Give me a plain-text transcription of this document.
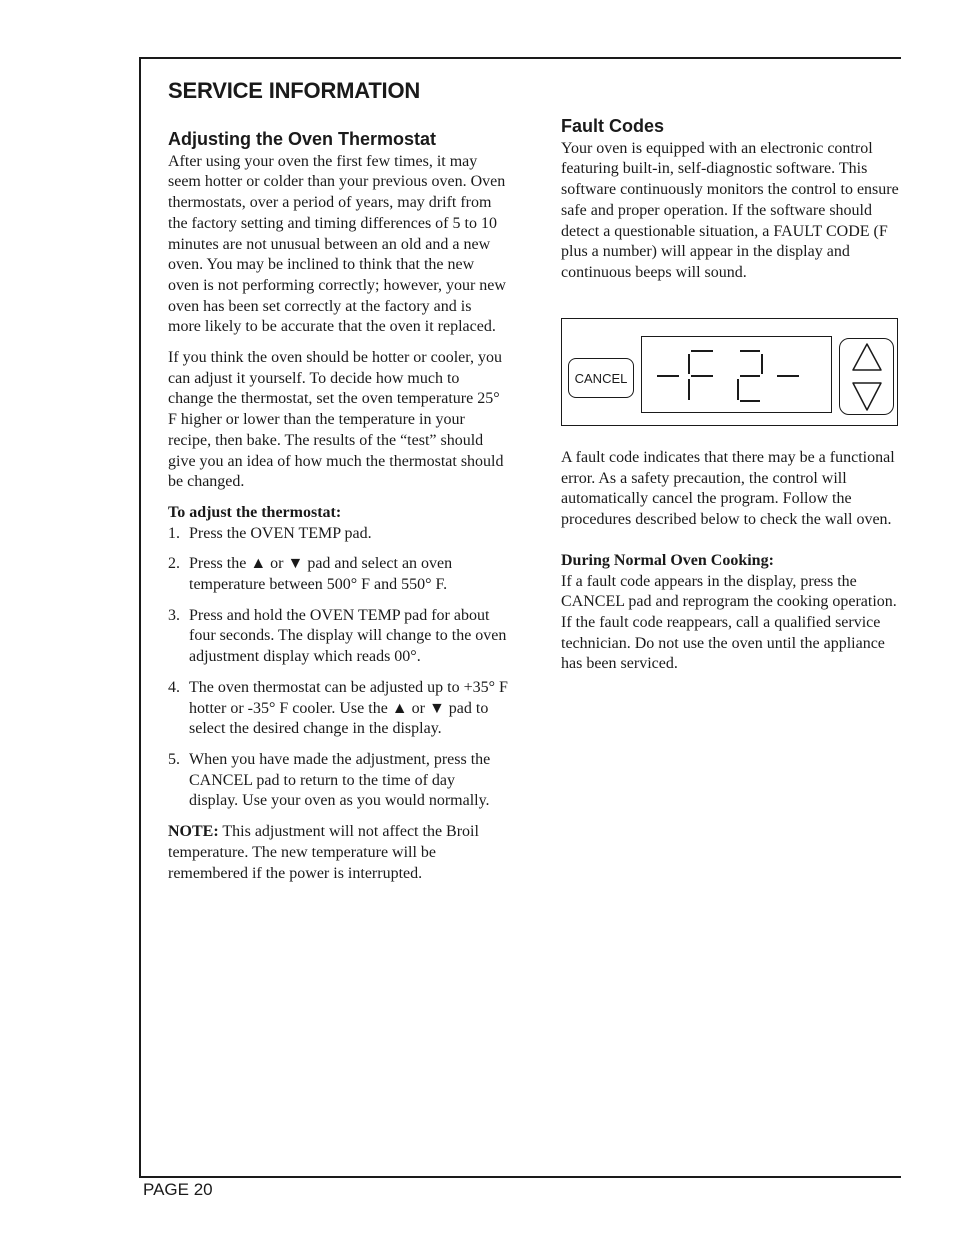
SERVICE INFORMATION
Adjusting the Oven Thermostat

After using your oven the first few times, it may seem hotter or colder than your previous oven. Oven thermostats, over a period of years, may drift from the factory setting and timing differences of 5 to 10 minutes are not unusual between an old and a new oven. You may be inclined to think that the new oven is not performing correctly; however, your new oven has been set correctly at the factory and is more likely to be accurate that the oven it replaced.

If you think the oven should be hotter or cooler, you can adjust it yourself. To decide how much to change the thermostat, set the oven temperature 25° F higher or lower than the temperature in your recipe, then bake. The results of the “test” should give you an idea of how much the thermostat should be changed.

To adjust the thermostat:

1. Press the OVEN TEMP pad.
2. Press the ▲ or ▼ pad and select an oven temperature between 500° F and 550° F.
3. Press and hold the OVEN TEMP pad for about four seconds. The display will change to the oven adjustment display which reads 00°.
4. The oven thermostat can be adjusted up to +35° F hotter or -35° F cooler. Use the ▲ or ▼ pad to select the desired change in the display.
5. When you have made the adjustment, press the CANCEL pad to return to the time of day display. Use your oven as you would normally.

NOTE: This adjustment will not affect the Broil temperature. The new temperature will be remembered if the power is interrupted.

Fault Codes

Your oven is equipped with an electronic control featuring built-in, self-diagnostic software. This software continuously monitors the control to ensure safe and proper operation. If the software should detect a questionable situation, a FAULT CODE (F plus a number) will appear in the display and continuous beeps will sound.

CANCEL

A fault code indicates that there may be a functional error. As a safety precaution, the control will automatically cancel the program. Follow the procedures described below to check the wall oven.

During Normal Oven Cooking:

If a fault code appears in the display, press the CANCEL pad and reprogram the cooking operation. If the fault code reappears, call a qualified service technician. Do not use the oven until the appliance has been serviced.

PAGE 20
